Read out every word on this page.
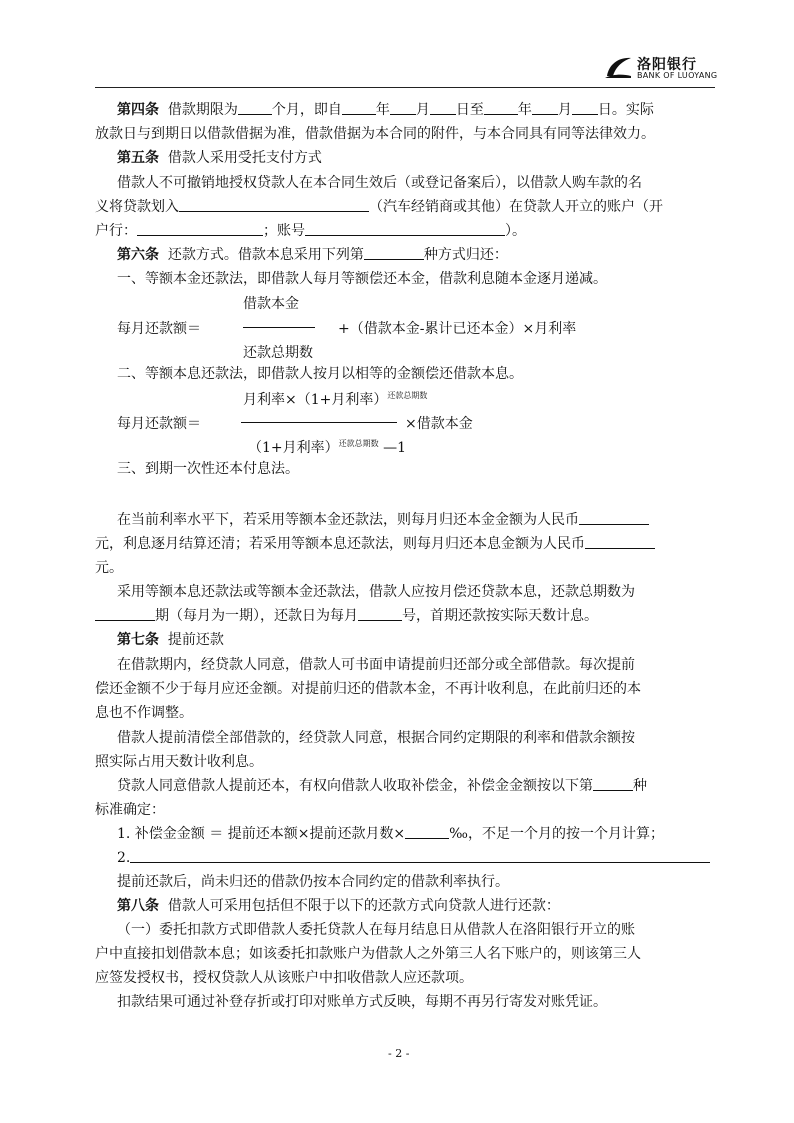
洛阳银行
BANK OF LUOYANG
第四条 借款期限为 个月，即自 年 月 日至 年 月 日。实际
放款日与到期日以借款借据为准，借款借据为本合同的附件，与本合同具有同等法律效力。
第五条 借款人采用受托支付方式
借款人不可撤销地授权贷款人在本合同生效后（或登记备案后），以借款人购车款的名
义将贷款划入	（汽车经销商或其他）在贷款人开立的账户（开
户行：	；账号	）。
第六条 还款方式。借款本息采用下列第	种方式归还：
一、等额本金还款法，即借款人每月等额偿还本金，借款利息随本金逐月递减。
借款本金
每月还款额＝	+（借款本金-累计已还本金）×月利率
还款总期数
二、等额本息还款法，即借款人按月以相等的金额偿还借款本息。
月利率×（1+月利率）$^{还款总期数}$
每月还款额＝	×借款本金
（1+月利率）$^{还款总期数}$ —1
三、到期一次性还本付息法。
在当前利率水平下，若采用等额本金还款法，则每月归还本金金额为人民币
元，利息逐月结算还清；若采用等额本息还款法，则每月归还本息金额为人民币
元。
采用等额本息还款法或等额本金还款法，借款人应按月偿还贷款本息，还款总期数为
期（每月为一期），还款日为每月	号，首期还款按实际天数计息。
第七条 提前还款
在借款期内，经贷款人同意，借款人可书面申请提前归还部分或全部借款。每次提前
偿还金额不少于每月应还金额。对提前归还的借款本金，不再计收利息，在此前归还的本
息也不作调整。
借款人提前清偿全部借款的，经贷款人同意，根据合同约定期限的利率和借款余额按
照实际占用天数计收利息。
贷款人同意借款人提前还本，有权向借款人收取补偿金，补偿金金额按以下第	种
标准确定：
1. 补偿金金额 ＝ 提前还本额×提前还款月数×	‰，不足一个月的按一个月计算；
2.
提前还款后，尚未归还的借款仍按本合同约定的借款利率执行。
第八条 借款人可采用包括但不限于以下的还款方式向贷款人进行还款：
（一）委托扣款方式即借款人委托贷款人在每月结息日从借款人在洛阳银行开立的账
户中直接扣划借款本息；如该委托扣款账户为借款人之外第三人名下账户的，则该第三人
应签发授权书，授权贷款人从该账户中扣收借款人应还款项。
扣款结果可通过补登存折或打印对账单方式反映，每期不再另行寄发对账凭证。
- 2 -
